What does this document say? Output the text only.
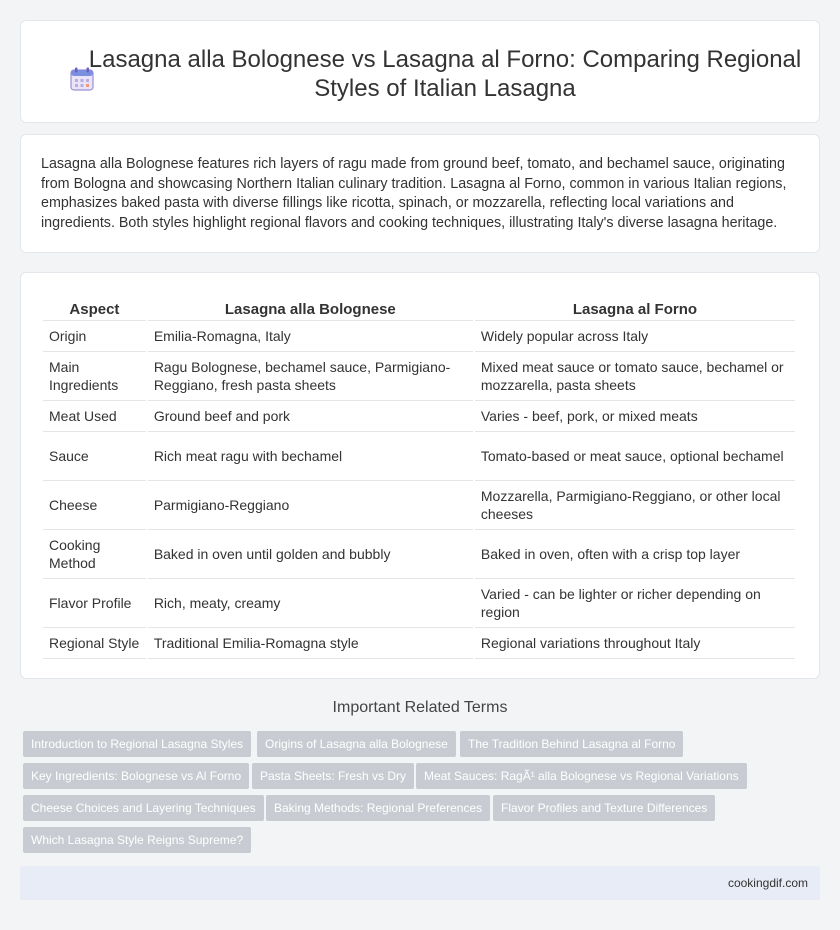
Lasagna alla Bolognese vs Lasagna al Forno: Comparing Regional Styles of Italian Lasagna

Lasagna alla Bolognese features rich layers of ragu made from ground beef, tomato, and bechamel sauce, originating from Bologna and showcasing Northern Italian culinary tradition. Lasagna al Forno, common in various Italian regions, emphasizes baked pasta with diverse fillings like ricotta, spinach, or mozzarella, reflecting local variations and ingredients. Both styles highlight regional flavors and cooking techniques, illustrating Italy's diverse lasagna heritage.

Aspect	Lasagna alla Bolognese	Lasagna al Forno
Origin	Emilia-Romagna, Italy	Widely popular across Italy
Main Ingredients	Ragu Bolognese, bechamel sauce, Parmigiano-Reggiano, fresh pasta sheets	Mixed meat sauce or tomato sauce, bechamel or mozzarella, pasta sheets
Meat Used	Ground beef and pork	Varies - beef, pork, or mixed meats
Sauce	Rich meat ragu with bechamel	Tomato-based or meat sauce, optional bechamel
Cheese	Parmigiano-Reggiano	Mozzarella, Parmigiano-Reggiano, or other local cheeses
Cooking Method	Baked in oven until golden and bubbly	Baked in oven, often with a crisp top layer
Flavor Profile	Rich, meaty, creamy	Varied - can be lighter or richer depending on region
Regional Style	Traditional Emilia-Romagna style	Regional variations throughout Italy
Important Related Terms
Introduction to Regional Lasagna Styles	Origins of Lasagna alla Bolognese	The Tradition Behind Lasagna al Forno
Key Ingredients: Bolognese vs Al Forno	Pasta Sheets: Fresh vs Dry	Meat Sauces: RagÃ¹ alla Bolognese vs Regional Variations
Cheese Choices and Layering Techniques	Baking Methods: Regional Preferences	Flavor Profiles and Texture Differences
Which Lasagna Style Reigns Supreme?
cookingdif.com
